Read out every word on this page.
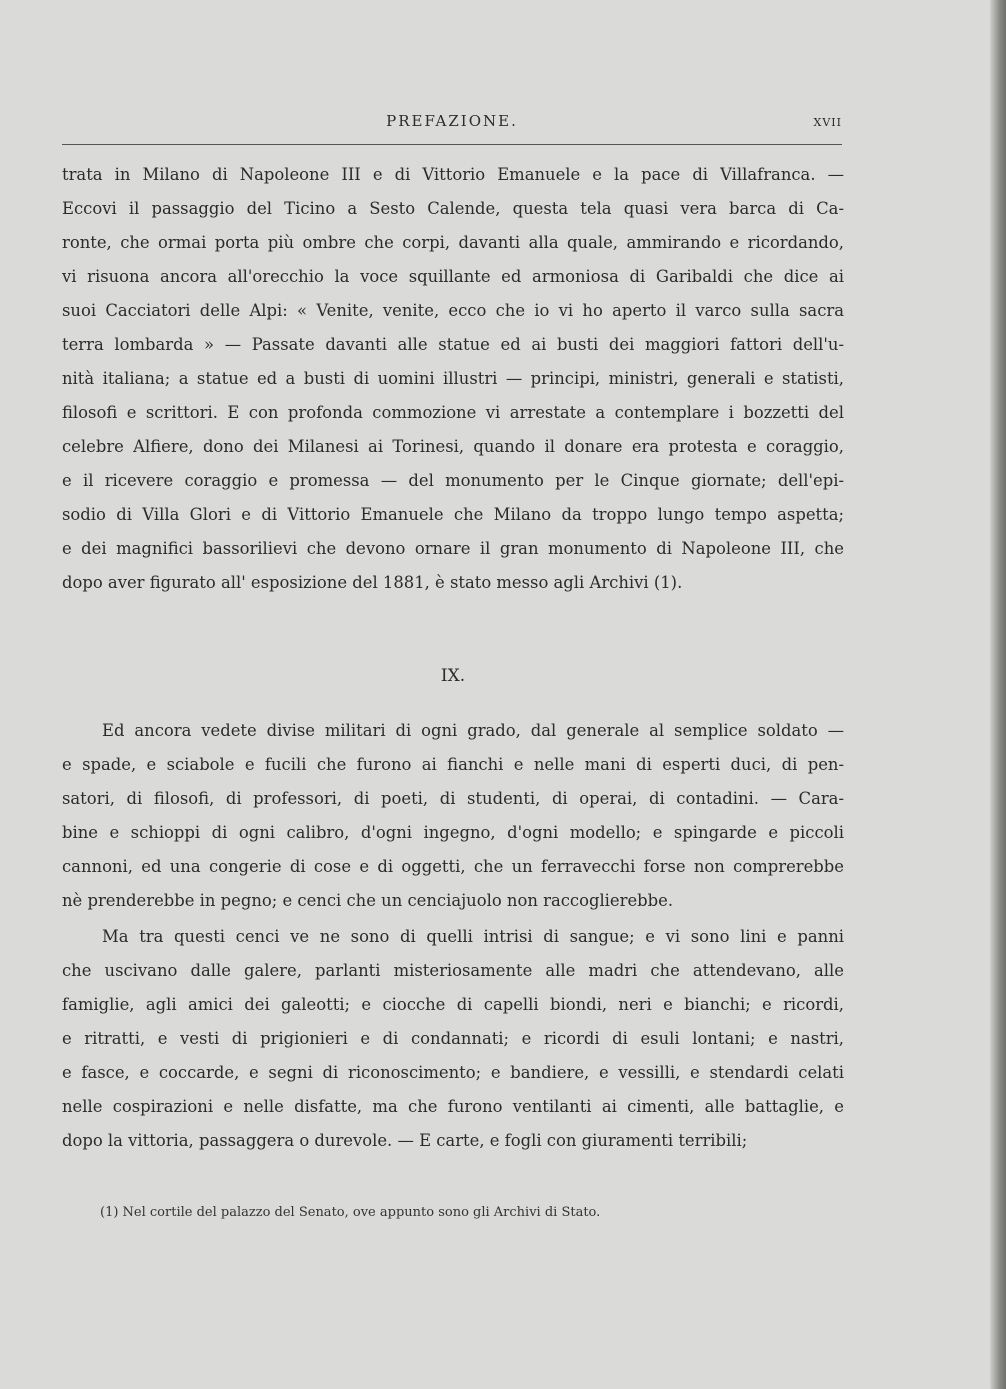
PREFAZIONE.	XVII
trata in Milano di Napoleone III e di Vittorio Emanuele e la pace di Villafranca. —
Eccovi il passaggio del Ticino a Sesto Calende, questa tela quasi vera barca di Ca-
ronte, che ormai porta più ombre che corpi, davanti alla quale, ammirando e ricordando,
vi risuona ancora all'orecchio la voce squillante ed armoniosa di Garibaldi che dice ai
suoi Cacciatori delle Alpi: « Venite, venite, ecco che io vi ho aperto il varco sulla sacra
terra lombarda » — Passate davanti alle statue ed ai busti dei maggiori fattori dell'u-
nità italiana; a statue ed a busti di uomini illustri — principi, ministri, generali e statisti,
filosofi e scrittori. E con profonda commozione vi arrestate a contemplare i bozzetti del
celebre Alfiere, dono dei Milanesi ai Torinesi, quando il donare era protesta e coraggio,
e il ricevere coraggio e promessa — del monumento per le Cinque giornate; dell'epi-
sodio di Villa Glori e di Vittorio Emanuele che Milano da troppo lungo tempo aspetta;
e dei magnifici bassorilievi che devono ornare il gran monumento di Napoleone III, che
dopo aver figurato all' esposizione del 1881, è stato messo agli Archivi (1).
IX.
Ed ancora vedete divise militari di ogni grado, dal generale al semplice soldato —
e spade, e sciabole e fucili che furono ai fianchi e nelle mani di esperti duci, di pen-
satori, di filosofi, di professori, di poeti, di studenti, di operai, di contadini. — Cara-
bine e schioppi di ogni calibro, d'ogni ingegno, d'ogni modello; e spingarde e piccoli
cannoni, ed una congerie di cose e di oggetti, che un ferravecchi forse non comprerebbe
nè prenderebbe in pegno; e cenci che un cenciajuolo non raccoglierebbe.
Ma tra questi cenci ve ne sono di quelli intrisi di sangue; e vi sono lini e panni
che uscivano dalle galere, parlanti misteriosamente alle madri che attendevano, alle
famiglie, agli amici dei galeotti; e ciocche di capelli biondi, neri e bianchi; e ricordi,
e ritratti, e vesti di prigionieri e di condannati; e ricordi di esuli lontani; e nastri,
e fasce, e coccarde, e segni di riconoscimento; e bandiere, e vessilli, e stendardi celati
nelle cospirazioni e nelle disfatte, ma che furono ventilanti ai cimenti, alle battaglie, e
dopo la vittoria, passaggera o durevole. — E carte, e fogli con giuramenti terribili;
(1) Nel cortile del palazzo del Senato, ove appunto sono gli Archivi di Stato.
